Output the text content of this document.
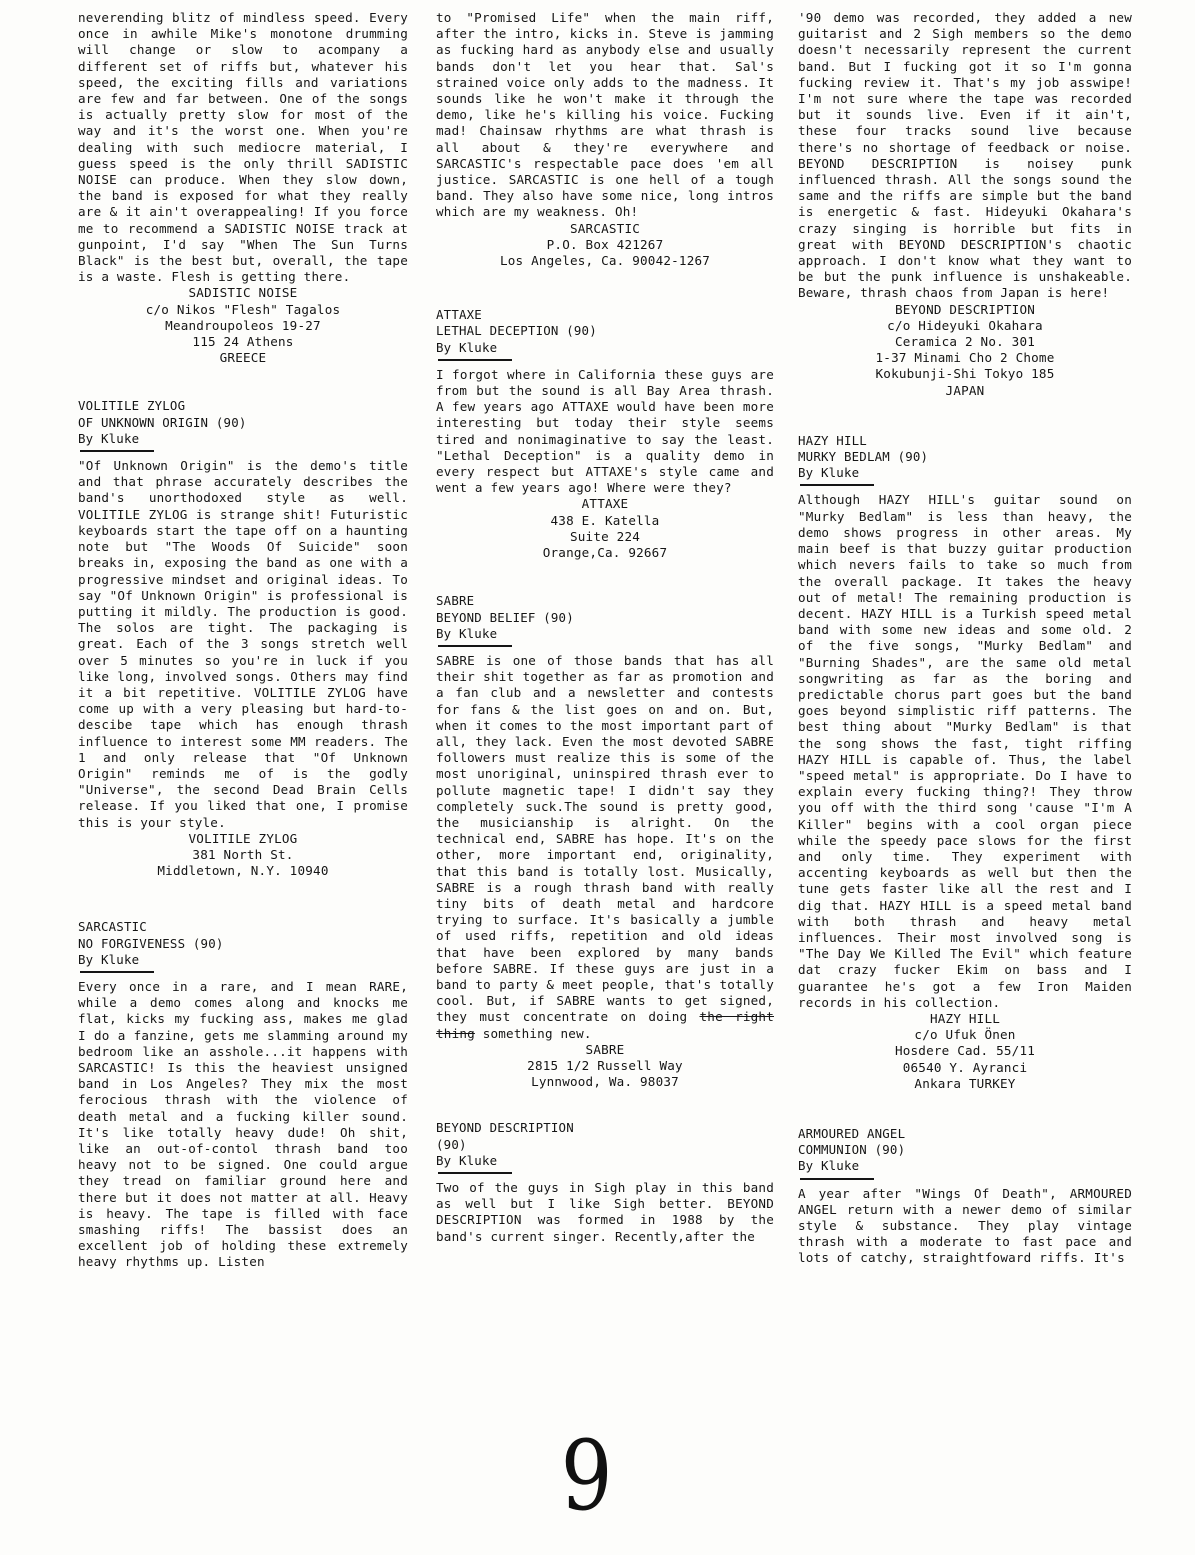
neverending blitz of mindless speed. Every once in awhile Mike's monotone drumming will change or slow to acompany a different set of riffs but, whatever his speed, the exciting fills and variations are few and far between. One of the songs is actually pretty slow for most of the way and it's the worst one. When you're dealing with such mediocre material, I guess speed is the only thrill SADISTIC NOISE can produce. When they slow down, the band is exposed for what they really are & it ain't overappealing! If you force me to recommend a SADISTIC NOISE track at gunpoint, I'd say "When The Sun Turns Black" is the best but, overall, the tape is a waste. Flesh is getting there.

SADISTIC NOISE
c/o Nikos "Flesh" Tagalos
Meandroupoleos 19-27
115 24 Athens
GREECE
VOLITILE ZYLOG
OF UNKNOWN ORIGIN (90)
By Kluke

"Of Unknown Origin" is the demo's title and that phrase accurately describes the band's unorthodoxed style as well. VOLITILE ZYLOG is strange shit! Futuristic keyboards start the tape off on a haunting note but "The Woods Of Suicide" soon breaks in, exposing the band as one with a progressive mindset and original ideas. To say "Of Unknown Origin" is professional is putting it mildly. The production is good. The solos are tight. The packaging is great. Each of the 3 songs stretch well over 5 minutes so you're in luck if you like long, involved songs. Others may find it a bit repetitive. VOLITILE ZYLOG have come up with a very pleasing but hard-to-descibe tape which has enough thrash influence to interest some MM readers. The 1 and only release that "Of Unknown Origin" reminds me of is the godly "Universe", the second Dead Brain Cells release. If you liked that one, I promise this is your style.

VOLITILE ZYLOG
381 North St.
Middletown, N.Y. 10940
SARCASTIC
NO FORGIVENESS (90)
By Kluke

Every once in a rare, and I mean RARE, while a demo comes along and knocks me flat, kicks my fucking ass, makes me glad I do a fanzine, gets me slamming around my bedroom like an asshole...it happens with SARCASTIC! Is this the heaviest unsigned band in Los Angeles? They mix the most ferocious thrash with the violence of death metal and a fucking killer sound. It's like totally heavy dude! Oh shit, like an out-of-contol thrash band too heavy not to be signed. One could argue they tread on familiar ground here and there but it does not matter at all. Heavy is heavy. The tape is filled with face smashing riffs! The bassist does an excellent job of holding these extremely heavy rhythms up. Listen

to "Promised Life" when the main riff, after the intro, kicks in. Steve is jamming as fucking hard as anybody else and usually bands don't let you hear that. Sal's strained voice only adds to the madness. It sounds like he won't make it through the demo, like he's killing his voice. Fucking mad! Chainsaw rhythms are what thrash is all about & they're everywhere and SARCASTIC's respectable pace does 'em all justice. SARCASTIC is one hell of a tough band. They also have some nice, long intros which are my weakness. Oh!

SARCASTIC
P.O. Box 421267
Los Angeles, Ca. 90042-1267
ATTAXE
LETHAL DECEPTION (90)
By Kluke

I forgot where in California these guys are from but the sound is all Bay Area thrash. A few years ago ATTAXE would have been more interesting but today their style seems tired and nonimaginative to say the least. "Lethal Deception" is a quality demo in every respect but ATTAXE's style came and went a few years ago! Where were they?

ATTAXE
438 E. Katella
Suite 224
Orange,Ca. 92667
SABRE
BEYOND BELIEF (90)
By Kluke

SABRE is one of those bands that has all their shit together as far as promotion and a fan club and a newsletter and contests for fans & the list goes on and on. But, when it comes to the most important part of all, they lack. Even the most devoted SABRE followers must realize this is some of the most unoriginal, uninspired thrash ever to pollute magnetic tape! I didn't say they completely suck.The sound is pretty good, the musicianship is alright. On the technical end, SABRE has hope. It's on the other, more important end, originality, that this band is totally lost. Musically, SABRE is a rough thrash band with really tiny bits of death metal and hardcore trying to surface. It's basically a jumble of used riffs, repetition and old ideas that have been explored by many bands before SABRE. If these guys are just in a band to party & meet people, that's totally cool. But, if SABRE wants to get signed, they must concentrate on doing the right thing something new.

SABRE
2815 1/2 Russell Way
Lynnwood, Wa. 98037
BEYOND DESCRIPTION
(90)
By Kluke

Two of the guys in Sigh play in this band as well but I like Sigh better. BEYOND DESCRIPTION was formed in 1988 by the band's current singer. Recently,after the

'90 demo was recorded, they added a new guitarist and 2 Sigh members so the demo doesn't necessarily represent the current band. But I fucking got it so I'm gonna fucking review it. That's my job asswipe! I'm not sure where the tape was recorded but it sounds live. Even if it ain't, these four tracks sound live because there's no shortage of feedback or noise. BEYOND DESCRIPTION is noisey punk influenced thrash. All the songs sound the same and the riffs are simple but the band is energetic & fast. Hideyuki Okahara's crazy singing is horrible but fits in great with BEYOND DESCRIPTION's chaotic approach. I don't know what they want to be but the punk influence is unshakeable. Beware, thrash chaos from Japan is here!

BEYOND DESCRIPTION
c/o Hideyuki Okahara
Ceramica 2 No. 301
1-37 Minami Cho 2 Chome
Kokubunji-Shi Tokyo 185
JAPAN
HAZY HILL
MURKY BEDLAM (90)
By Kluke

Although HAZY HILL's guitar sound on "Murky Bedlam" is less than heavy, the demo shows progress in other areas. My main beef is that buzzy guitar production which nevers fails to take so much from the overall package. It takes the heavy out of metal! The remaining production is decent. HAZY HILL is a Turkish speed metal band with some new ideas and some old. 2 of the five songs, "Murky Bedlam" and "Burning Shades", are the same old metal songwriting as far as the boring and predictable chorus part goes but the band goes beyond simplistic riff patterns. The best thing about "Murky Bedlam" is that the song shows the fast, tight riffing HAZY HILL is capable of. Thus, the label "speed metal" is appropriate. Do I have to explain every fucking thing?! They throw you off with the third song 'cause "I'm A Killer" begins with a cool organ piece while the speedy pace slows for the first and only time. They experiment with accenting keyboards as well but then the tune gets faster like all the rest and I dig that. HAZY HILL is a speed metal band with both thrash and heavy metal influences. Their most involved song is "The Day We Killed The Evil" which feature dat crazy fucker Ekim on bass and I guarantee he's got a few Iron Maiden records in his collection.

HAZY HILL
c/o Ufuk Önen
Hosdere Cad. 55/11
06540 Y. Ayranci
Ankara TURKEY
ARMOURED ANGEL
COMMUNION (90)
By Kluke

A year after "Wings Of Death", ARMOURED ANGEL return with a newer demo of similar style & substance. They play vintage thrash with a moderate to fast pace and lots of catchy, straightfoward riffs. It's

9
